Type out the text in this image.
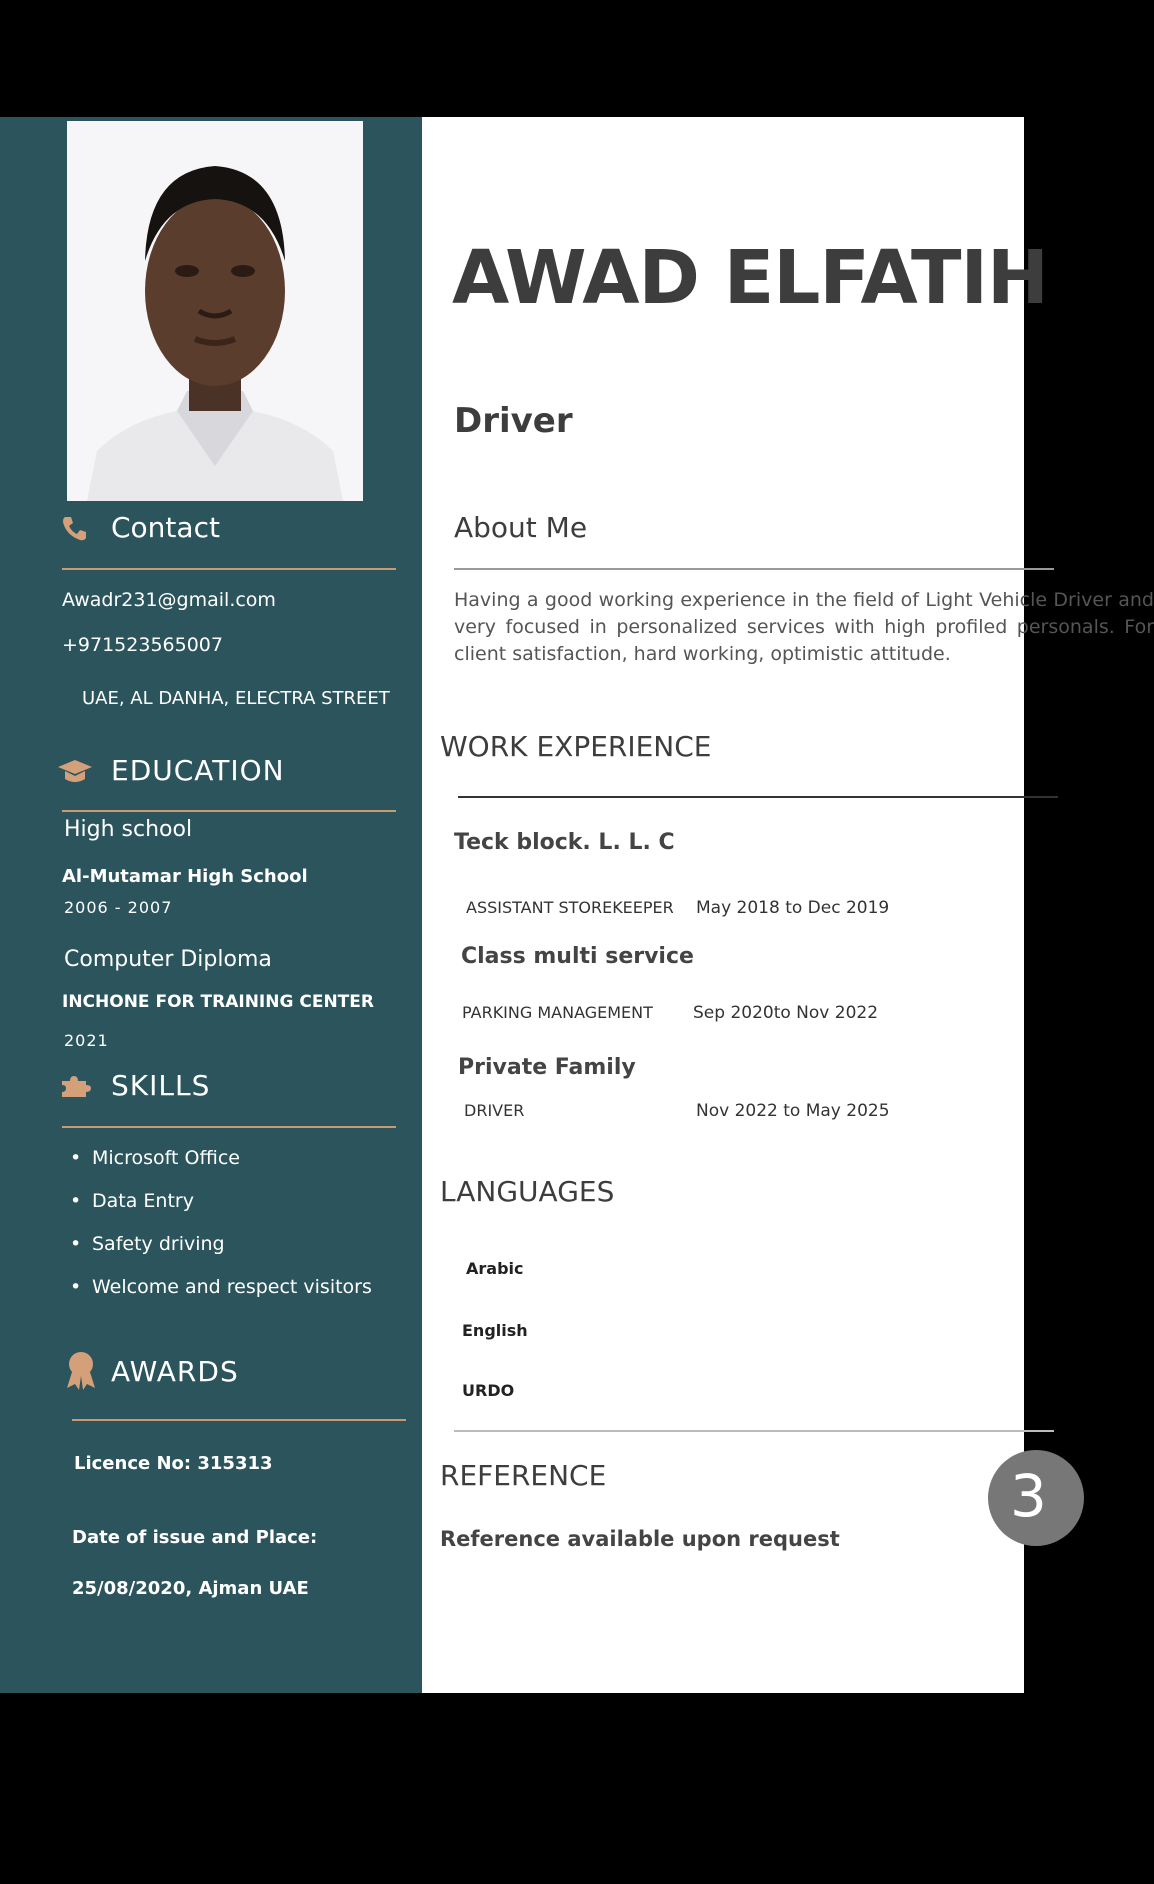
Contact
Awadr231@gmail.com
+971523565007
UAE, AL DANHA, ELECTRA STREET
EDUCATION
High school
Al-Mutamar High School
2006 - 2007
Computer Diploma
INCHONE FOR TRAINING CENTER
2021
SKILLS
• Microsoft Office
• Data Entry
• Safety driving
• Welcome and respect visitors
AWARDS
Licence No: 315313
Date of issue and Place:
25/08/2020, Ajman UAE
AWAD ELFATIH
Driver
About Me
Having a good working experience in the field of Light Vehicle Driver and very focused in personalized services with high profiled personals. For client satisfaction, hard working, optimistic attitude.
WORK EXPERIENCE
Teck block. L. L. C
ASSISTANT STOREKEEPER May 2018 to Dec 2019
Class multi service
PARKING MANAGEMENT Sep 2020to Nov 2022
Private Family
DRIVER	Nov 2022 to May 2025
LANGUAGES
Arabic
English
URDO
REFERENCE
Reference available upon request
3
